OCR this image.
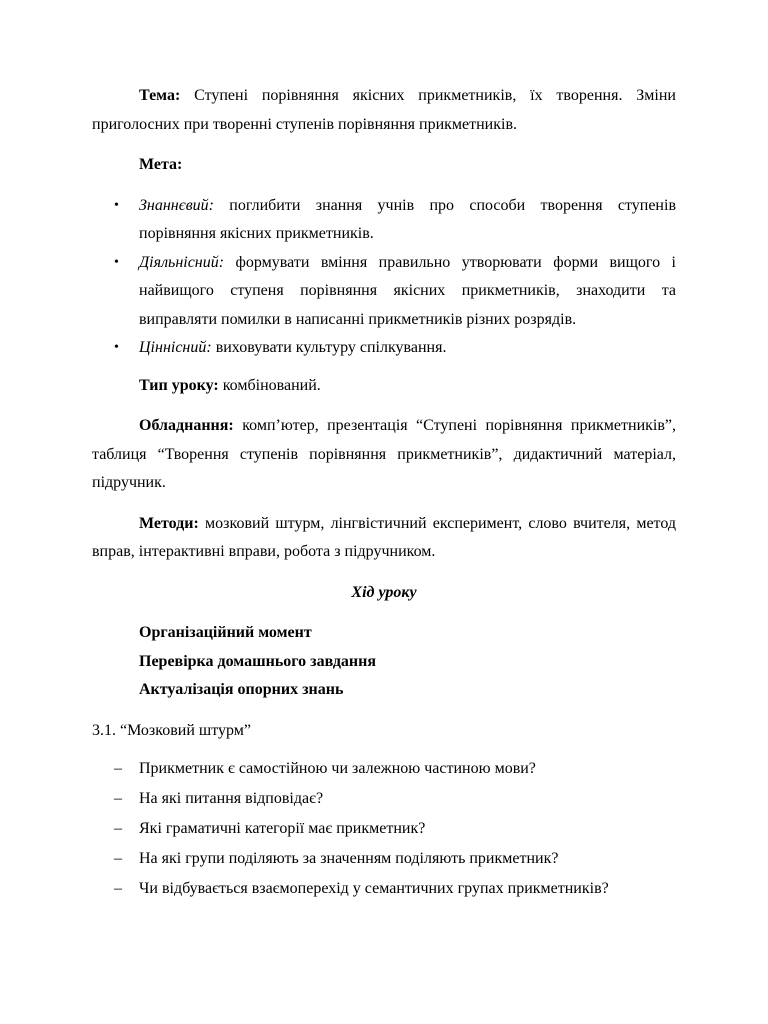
Тема: Ступені порівняння якісних прикметників, їх творення. Зміни приголосних при творенні ступенів порівняння прикметників.

Мета:

• Знаннєвий: поглибити знання учнів про способи творення ступенів порівняння якісних прикметників.
• Діяльнісний: формувати вміння правильно утворювати форми вищого і найвищого ступеня порівняння якісних прикметників, знаходити та виправляти помилки в написанні прикметників різних розрядів.
• Ціннісний: виховувати культуру спілкування.

Тип уроку: комбінований.

Обладнання: комп’ютер, презентація “Ступені порівняння прикметників”, таблиця “Творення ступенів порівняння прикметників”, дидактичний матеріал, підручник.

Методи: мозковий штурм, лінгвістичний експеримент, слово вчителя, метод вправ, інтерактивні вправи, робота з підручником.

Хід уроку

Організаційний момент
Перевірка домашнього завдання
Актуалізація опорних знань

3.1. “Мозковий штурм”

– Прикметник є самостійною чи залежною частиною мови?
– На які питання відповідає?
– Які граматичні категорії має прикметник?
– На які групи поділяють за значенням поділяють прикметник?
– Чи відбувається взаємоперехід у семантичних групах прикметників?
